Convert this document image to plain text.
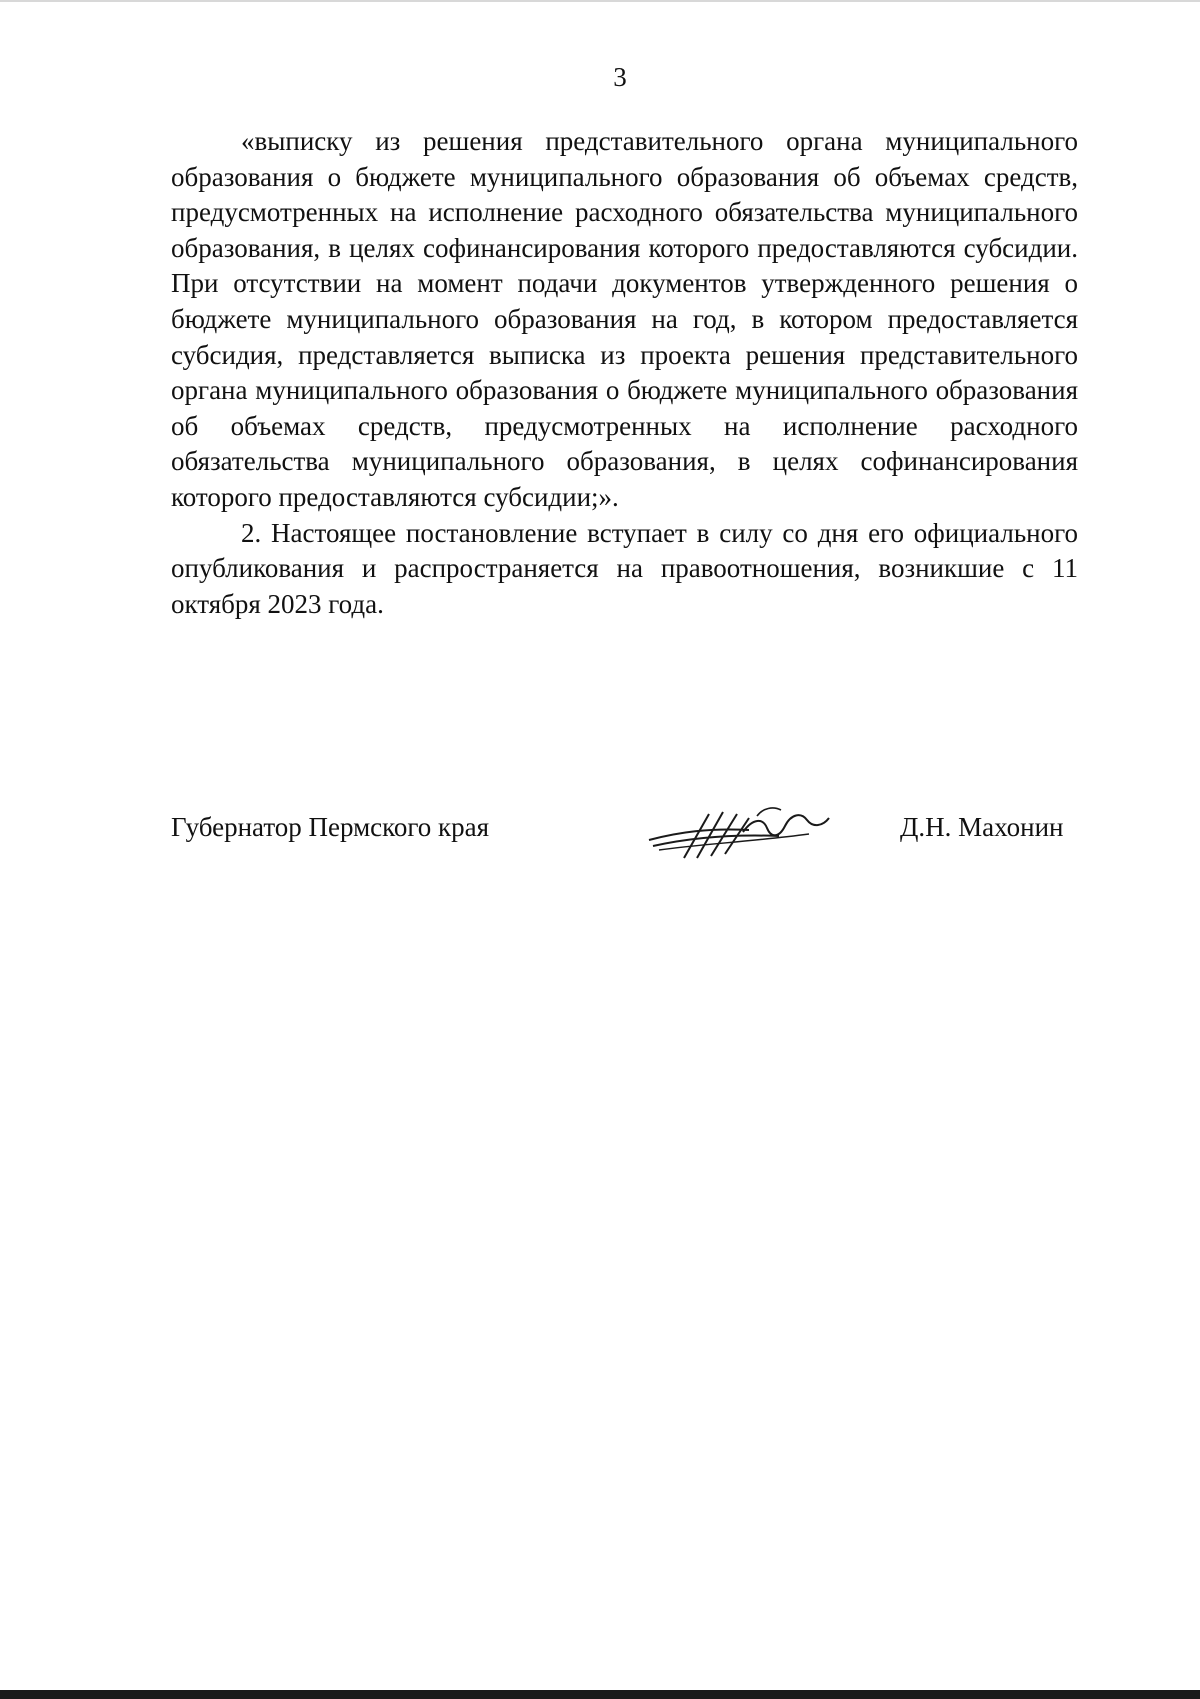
3

«выписку из решения представительного органа муниципального образования о бюджете муниципального образования об объемах средств, предусмотренных на исполнение расходного обязательства муниципального образования, в целях софинансирования которого предоставляются субсидии. При отсутствии на момент подачи документов утвержденного решения о бюджете муниципального образования на год, в котором предоставляется субсидия, представляется выписка из проекта решения представительного органа муниципального образования о бюджете муниципального образования об объемах средств, предусмотренных на исполнение расходного обязательства муниципального образования, в целях софинансирования которого предоставляются субсидии;».

2. Настоящее постановление вступает в силу со дня его официального опубликования и распространяется на правоотношения, возникшие с 11 октября 2023 года.

Губернатор Пермского края	Д.Н. Махонин
